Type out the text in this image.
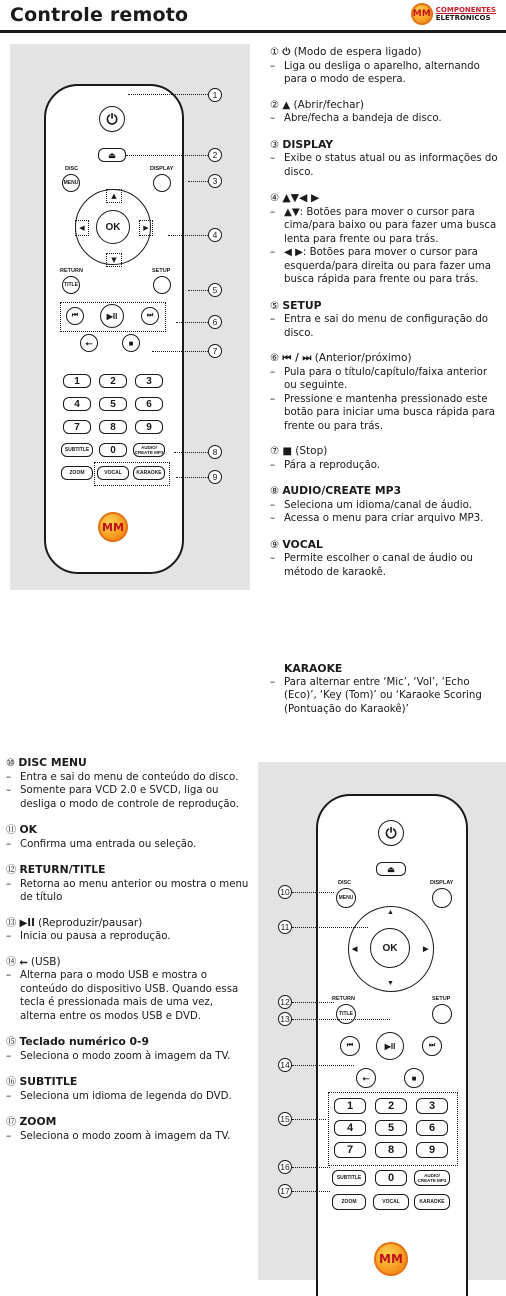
Controle remoto	MM COMPONENTES
ELETRÔNICOS
⏻
⏏
DISC
MENU
DISPLAY
OK
▲
▼
◀	▶
RETURN
TITLE
SETUP
⏮	▶II	⏭
⭠	■
1	2	3
4	5	6
7	8	9
SUBTITLE	0	AUDIO/
CREATE MP3
ZOOM	VOCAL	KARAOKE
MM
1
2
3
4
5
6
7
8
9
① ⏻ (Modo de espera ligado)
– Liga ou desliga o aparelho, alternando para o modo de espera.
② ▲ (Abrir/fechar)
– Abre/fecha a bandeja de disco.
③ DISPLAY
– Exibe o status atual ou as informações do disco.
④ ▲▼◀ ▶
– ▲▼: Botões para mover o cursor para cima/para baixo ou para fazer uma busca lenta para frente ou para trás.
– ◀ ▶: Botões para mover o cursor para esquerda/para direita ou para fazer uma busca rápida para frente ou para trás.
⑤ SETUP
– Entra e sai do menu de configuração do disco.
⑥ ⏮ / ⏭ (Anterior/próximo)
– Pula para o título/capítulo/faixa anterior ou seguinte.
– Pressione e mantenha pressionado este botão para iniciar uma busca rápida para frente ou para trás.
⑦ ■ (Stop)
– Pára a reprodução.
⑧ AUDIO/CREATE MP3
– Seleciona um idioma/canal de áudio.
– Acessa o menu para criar arquivo MP3.
⑨ VOCAL
– Permite escolher o canal de áudio ou método de karaokê.
KARAOKE
– Para alternar entre ‘Mic’, ‘Vol’, ‘Echo (Eco)’, ‘Key (Tom)’ ou ‘Karaoke Scoring (Pontuação do Karaokê)’
⑩ DISC MENU
– Entra e sai do menu de conteúdo do disco.
– Somente para VCD 2.0 e SVCD, liga ou desliga o modo de controle de reprodução.
⑪ OK
– Confirma uma entrada ou seleção.
⑫ RETURN/TITLE
– Retorna ao menu anterior ou mostra o menu de título
⑬ ▶II (Reproduzir/pausar)
– Inicia ou pausa a reprodução.
⑭ ⭠ (USB)
– Alterna para o modo USB e mostra o conteúdo do dispositivo USB. Quando essa tecla é pressionada mais de uma vez, alterna entre os modos USB e DVD.
⑮ Teclado numérico 0-9
– Seleciona o modo zoom à imagem da TV.
⑯ SUBTITLE
– Seleciona um idioma de legenda do DVD.
⑰ ZOOM
– Seleciona o modo zoom à imagem da TV.
⏻
⏏
DISC
MENU
DISPLAY
OK
▲
▼
◀	▶
RETURN
TITLE
SETUP
⏮	▶II	⏭
⭠	■
1	2	3
4	5	6
7	8	9
SUBTITLE	0	AUDIO/
CREATE MP3
ZOOM	VOCAL	KARAOKE
MM
10
11
12
13
14
15
16
17
